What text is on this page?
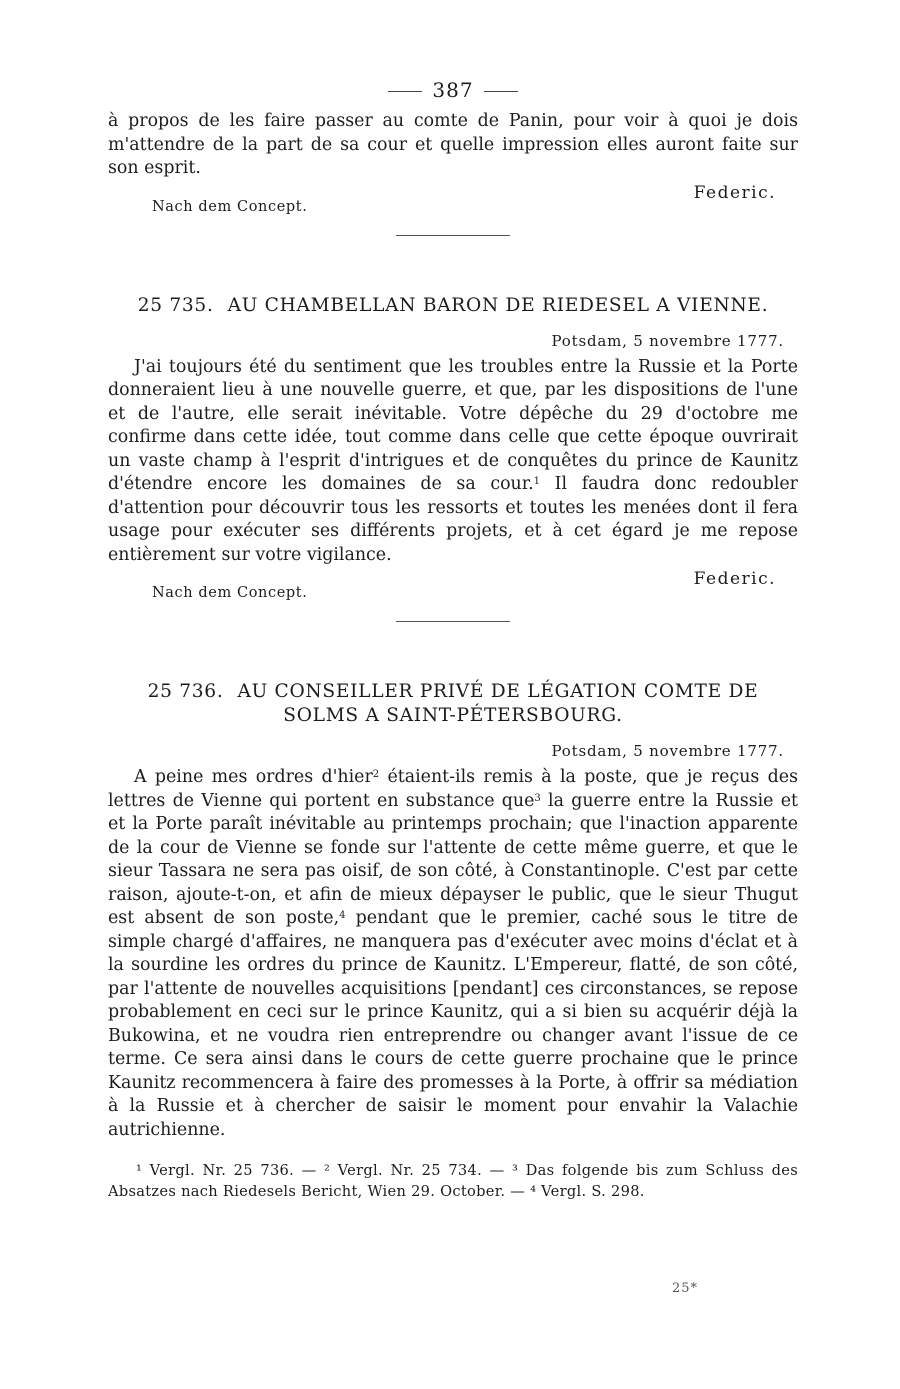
387

à propos de les faire passer au comte de Panin, pour voir à quoi je dois m'attendre de la part de sa cour et quelle impression elles auront faite sur son esprit.

Federic.
Nach dem Concept.
25 735. AU CHAMBELLAN BARON DE RIEDESEL A VIENNE.
Potsdam, 5 novembre 1777.

J'ai toujours été du sentiment que les troubles entre la Russie et la Porte donneraient lieu à une nouvelle guerre, et que, par les dispositions de l'une et de l'autre, elle serait inévitable. Votre dépêche du 29 d'octobre me confirme dans cette idée, tout comme dans celle que cette époque ouvrirait un vaste champ à l'esprit d'intrigues et de conquêtes du prince de Kaunitz d'étendre encore les domaines de sa cour.$^1$ Il faudra donc redoubler d'attention pour découvrir tous les ressorts et toutes les menées dont il fera usage pour exécuter ses différents projets, et à cet égard je me repose entièrement sur votre vigilance.

Federic.
Nach dem Concept.
25 736. AU CONSEILLER PRIVÉ DE LÉGATION COMTE DE SOLMS A SAINT-PÉTERSBOURG.
Potsdam, 5 novembre 1777.

A peine mes ordres d'hier$^2$ étaient-ils remis à la poste, que je reçus des lettres de Vienne qui portent en substance que$^3$ la guerre entre la Russie et et la Porte paraît inévitable au printemps prochain; que l'inaction apparente de la cour de Vienne se fonde sur l'attente de cette même guerre, et que le sieur Tassara ne sera pas oisif, de son côté, à Constantinople. C'est par cette raison, ajoute-t-on, et afin de mieux dépayser le public, que le sieur Thugut est absent de son poste,$^4$ pendant que le premier, caché sous le titre de simple chargé d'affaires, ne manquera pas d'exécuter avec moins d'éclat et à la sourdine les ordres du prince de Kaunitz. L'Empereur, flatté, de son côté, par l'attente de nouvelles acquisitions [pendant] ces circonstances, se repose probablement en ceci sur le prince Kaunitz, qui a si bien su acquérir déjà la Bukowina, et ne voudra rien entreprendre ou changer avant l'issue de ce terme. Ce sera ainsi dans le cours de cette guerre prochaine que le prince Kaunitz recommencera à faire des promesses à la Porte, à offrir sa médiation à la Russie et à chercher de saisir le moment pour envahir la Valachie autrichienne.

¹ Vergl. Nr. 25 736. — ² Vergl. Nr. 25 734. — ³ Das folgende bis zum Schluss des Absatzes nach Riedesels Bericht, Wien 29. October. — ⁴ Vergl. S. 298.
25*
